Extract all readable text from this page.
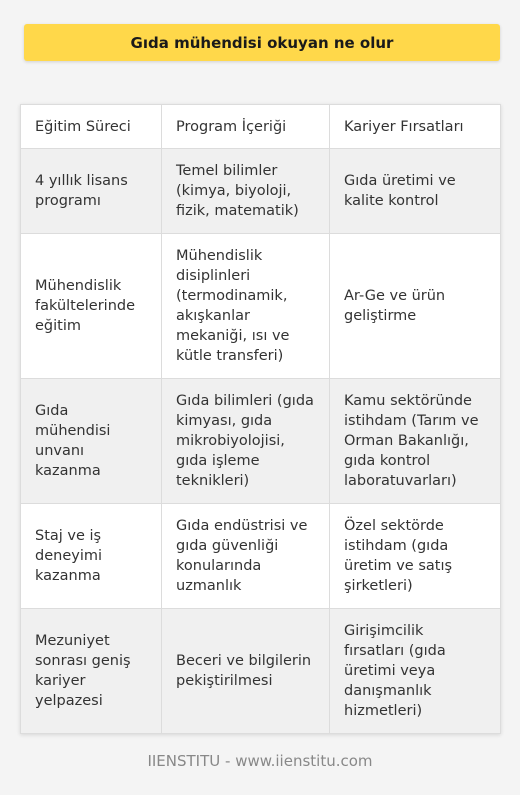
Gıda mühendisi okuyan ne olur
Eğitim Süreci	Program İçeriği	Kariyer Fırsatları
4 yıllık lisans programı	Temel bilimler (kimya, biyoloji, fizik, matematik)	Gıda üretimi ve kalite kontrol
Mühendislik fakültelerinde eğitim	Mühendislik disiplinleri (termodinamik, akışkanlar mekaniği, ısı ve kütle transferi)	Ar-Ge ve ürün geliştirme
Gıda mühendisi unvanı kazanma	Gıda bilimleri (gıda kimyası, gıda mikrobiyolojisi, gıda işleme teknikleri)	Kamu sektöründe istihdam (Tarım ve Orman Bakanlığı, gıda kontrol laboratuvarları)
Staj ve iş deneyimi kazanma	Gıda endüstrisi ve gıda güvenliği konularında uzmanlık	Özel sektörde istihdam (gıda üretim ve satış şirketleri)
Mezuniyet sonrası geniş kariyer yelpazesi	Beceri ve bilgilerin pekiştirilmesi	Girişimcilik fırsatları (gıda üretimi veya danışmanlık hizmetleri)
IIENSTITU - www.iienstitu.com
